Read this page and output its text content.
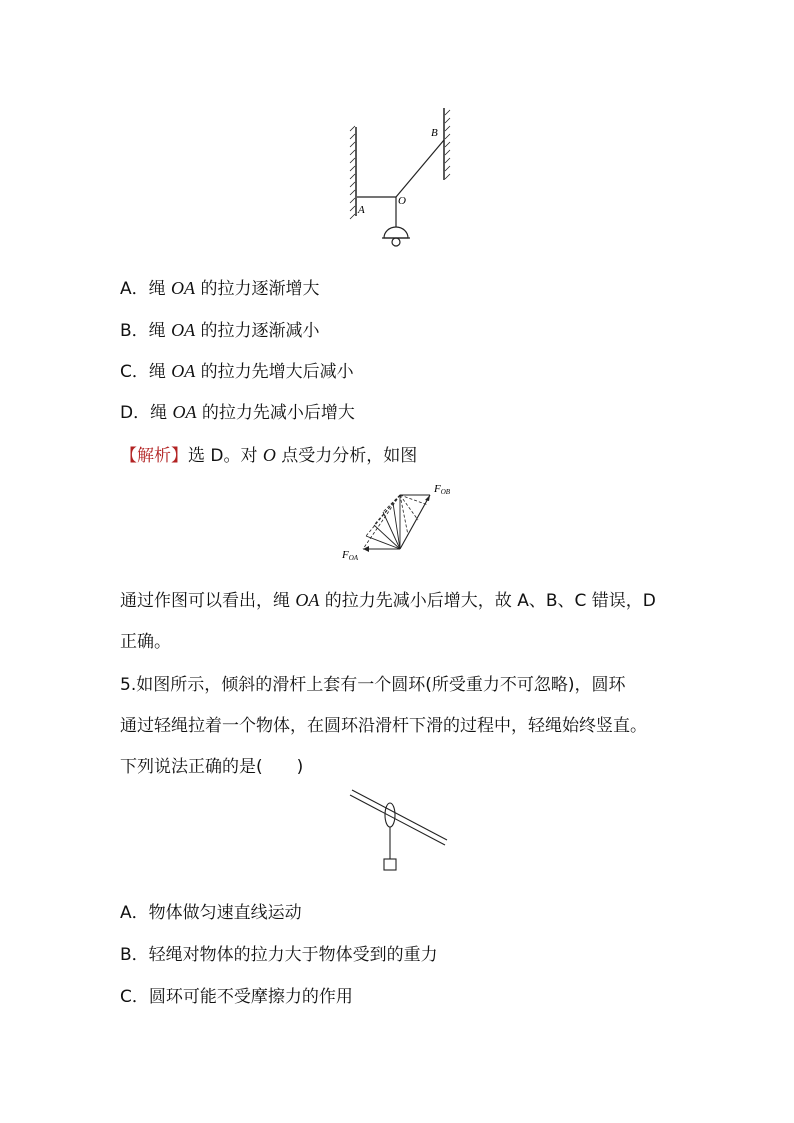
A
B
O
A．绳 OA 的拉力逐渐增大
B．绳 OA 的拉力逐渐减小
C．绳 OA 的拉力先增大后减小
D．绳 OA 的拉力先减小后增大
【解析】选 D。对 O 点受力分析，如图
FOB
FOA
通过作图可以看出，绳 OA 的拉力先减小后增大，故 A、B、C 错误，D
正确。
5.如图所示，倾斜的滑杆上套有一个圆环(所受重力不可忽略)，圆环
通过轻绳拉着一个物体，在圆环沿滑杆下滑的过程中，轻绳始终竖直。
下列说法正确的是(　　)
A．物体做匀速直线运动
B．轻绳对物体的拉力大于物体受到的重力
C．圆环可能不受摩擦力的作用
